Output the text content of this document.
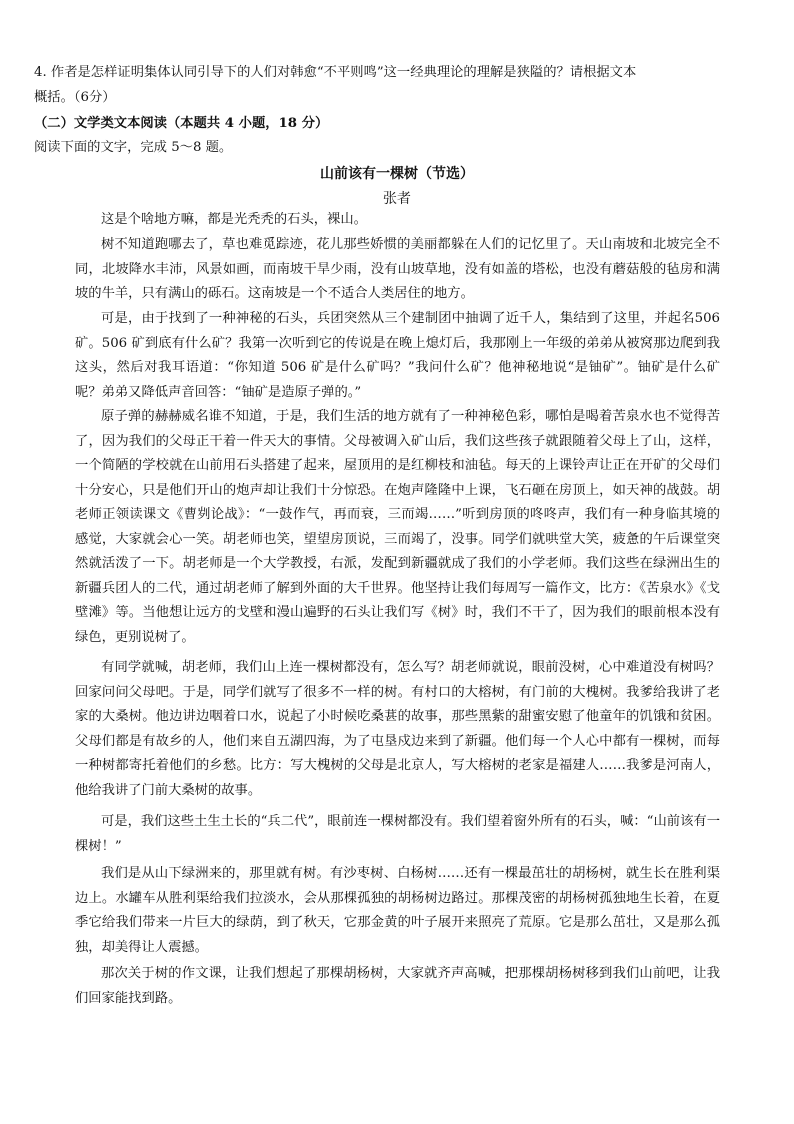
4. 作者是怎样证明集体认同引导下的人们对韩愈“不平则鸣”这一经典理论的理解是狭隘的？请根据文本
概括。（6分）
（二）文学类文本阅读（本题共 4 小题，18 分）
阅读下面的文字，完成 5～8 题。
山前该有一棵树（节选）
张者
这是个啥地方嘛，都是光秃秃的石头，裸山。
树不知道跑哪去了，草也难觅踪迹，花儿那些娇惯的美丽都躲在人们的记忆里了。天山南坡和北坡完全不同，北坡降水丰沛，风景如画，而南坡干旱少雨，没有山坡草地，没有如盖的塔松，也没有蘑菇般的毡房和满坡的牛羊，只有满山的砾石。这南坡是一个不适合人类居住的地方。
可是，由于找到了一种神秘的石头，兵团突然从三个建制团中抽调了近千人，集结到了这里，并起名506 矿。506 矿到底有什么矿？我第一次听到它的传说是在晚上熄灯后，我那刚上一年级的弟弟从被窝那边爬到我这头，然后对我耳语道：“你知道 506 矿是什么矿吗？”我问什么矿？他神秘地说“是铀矿”。铀矿是什么矿呢？弟弟又降低声音回答：“铀矿是造原子弹的。”
原子弹的赫赫威名谁不知道，于是，我们生活的地方就有了一种神秘色彩，哪怕是喝着苦泉水也不觉得苦了，因为我们的父母正干着一件天大的事情。父母被调入矿山后，我们这些孩子就跟随着父母上了山，这样，一个简陋的学校就在山前用石头搭建了起来，屋顶用的是红柳枝和油毡。每天的上课铃声让正在开矿的父母们十分安心，只是他们开山的炮声却让我们十分惊恐。在炮声隆隆中上课，飞石砸在房顶上，如天神的战鼓。胡老师正领读课文《曹刿论战》：“一鼓作气，再而衰，三而竭……”听到房顶的咚咚声，我们有一种身临其境的感觉，大家就会心一笑。胡老师也笑，望望房顶说，三而竭了，没事。同学们就哄堂大笑，疲惫的午后课堂突然就活泼了一下。胡老师是一个大学教授，右派，发配到新疆就成了我们的小学老师。我们这些在绿洲出生的新疆兵团人的二代，通过胡老师了解到外面的大千世界。他坚持让我们每周写一篇作文，比方：《苦泉水》《戈壁滩》等。当他想让远方的戈壁和漫山遍野的石头让我们写《树》时，我们不干了，因为我们的眼前根本没有绿色，更别说树了。
有同学就喊，胡老师，我们山上连一棵树都没有，怎么写？胡老师就说，眼前没树，心中难道没有树吗？回家问问父母吧。于是，同学们就写了很多不一样的树。有村口的大榕树，有门前的大槐树。我爹给我讲了老家的大桑树。他边讲边咽着口水，说起了小时候吃桑葚的故事，那些黑紫的甜蜜安慰了他童年的饥饿和贫困。父母们都是有故乡的人，他们来自五湖四海，为了屯垦戍边来到了新疆。他们每一个人心中都有一棵树，而每一种树都寄托着他们的乡愁。比方：写大槐树的父母是北京人，写大榕树的老家是福建人……我爹是河南人，他给我讲了门前大桑树的故事。
可是，我们这些土生土长的“兵二代”，眼前连一棵树都没有。我们望着窗外所有的石头，喊：“山前该有一棵树！”
我们是从山下绿洲来的，那里就有树。有沙枣树、白杨树……还有一棵最茁壮的胡杨树，就生长在胜利渠边上。水罐车从胜利渠给我们拉淡水，会从那棵孤独的胡杨树边路过。那棵茂密的胡杨树孤独地生长着，在夏季它给我们带来一片巨大的绿荫，到了秋天，它那金黄的叶子展开来照亮了荒原。它是那么茁壮，又是那么孤独，却美得让人震撼。
那次关于树的作文课，让我们想起了那棵胡杨树，大家就齐声高喊，把那棵胡杨树移到我们山前吧，让我们回家能找到路。
